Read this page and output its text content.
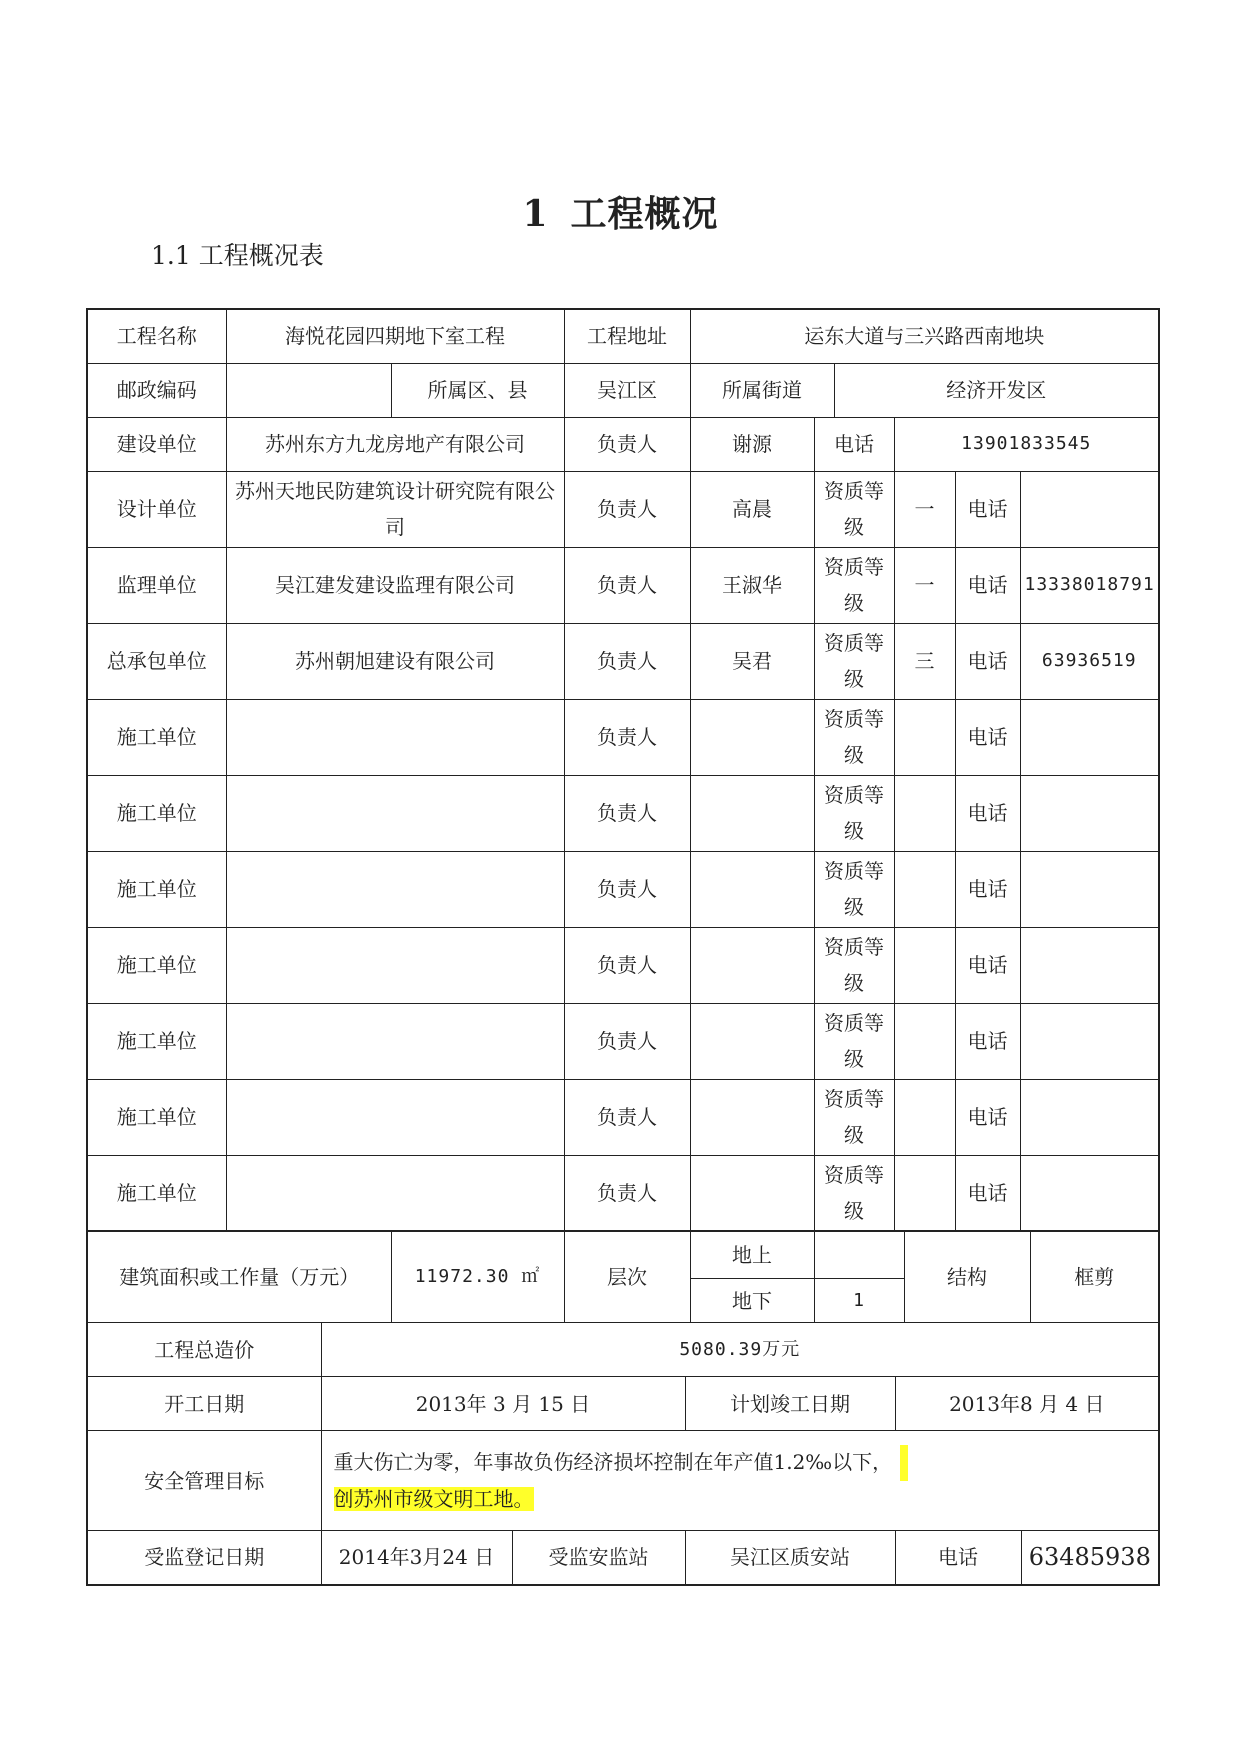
1 工程概况
1.1 工程概况表
工程名称	海悦花园四期地下室工程		工程地址	运东大道与三兴路西南地块					
邮政编码		所属区、县	吴江区	所属街道		经济开发区			
建设单位	苏州东方九龙房地产有限公司		负责人	谢源	电话		13901833545		
设计单位	苏州天地民防建筑设计研究院有限公司		负责人	高晨	资质等级		一	电话	
监理单位	吴江建发建设监理有限公司		负责人	王淑华	资质等级		一	电话	13338018791
总承包单位	苏州朝旭建设有限公司		负责人	吴君	资质等级		三	电话	63936519
施工单位			负责人		资质等级			电话	
施工单位			负责人		资质等级			电话	
施工单位			负责人		资质等级			电话	
施工单位			负责人		资质等级			电话	
施工单位			负责人		资质等级			电话	
施工单位			负责人		资质等级			电话	
施工单位			负责人		资质等级			电话	
建筑面积或工作量（万元）	11972.30 ㎡	层次	地上		结构	框剪
			地下	1		
工程总造价	5080.39万元				
开工日期	2013年 3 月 15 日		计划竣工日期	2013年8 月 4 日	
安全管理目标	重大伤亡为零，年事故负伤经济损坏控制在年产值1.2‰以下，
创苏州市级文明工地。				

受监登记日期	2014年3月24 日	受监安监站	吴江区质安站	电话	63485938
